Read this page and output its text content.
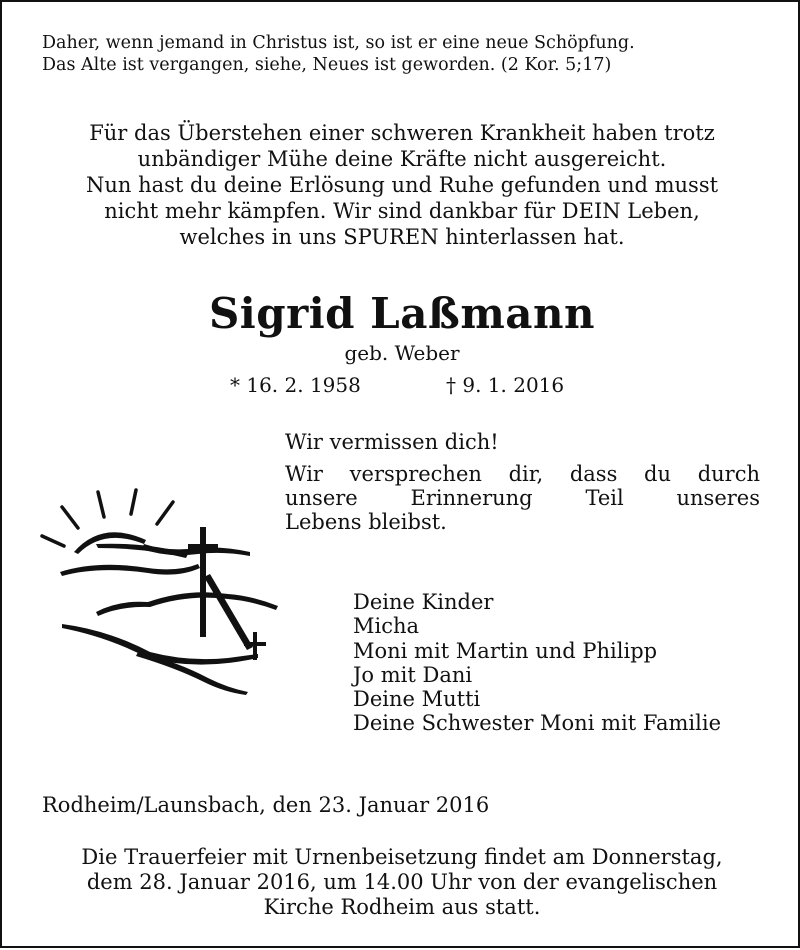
Daher, wenn jemand in Christus ist, so ist er eine neue Schöpfung.
Das Alte ist vergangen, siehe, Neues ist geworden. (2 Kor. 5;17)
Für das Überstehen einer schweren Krankheit haben trotz
unbändiger Mühe deine Kräfte nicht ausgereicht.
Nun hast du deine Erlösung und Ruhe gefunden und musst
nicht mehr kämpfen. Wir sind dankbar für DEIN Leben,
welches in uns SPUREN hinterlassen hat.
Sigrid Laßmann
geb. Weber
* 16. 2. 1958	† 9. 1. 2016
Wir vermissen dich!
Wir versprechen dir, dass du durch
unsere Erinnerung Teil unseres
Lebens bleibst.
Deine Kinder
Micha
Moni mit Martin und Philipp
Jo mit Dani
Deine Mutti
Deine Schwester Moni mit Familie
Rodheim/Launsbach, den 23. Januar 2016
Die Trauerfeier mit Urnenbeisetzung findet am Donnerstag,
dem 28. Januar 2016, um 14.00 Uhr von der evangelischen
Kirche Rodheim aus statt.
